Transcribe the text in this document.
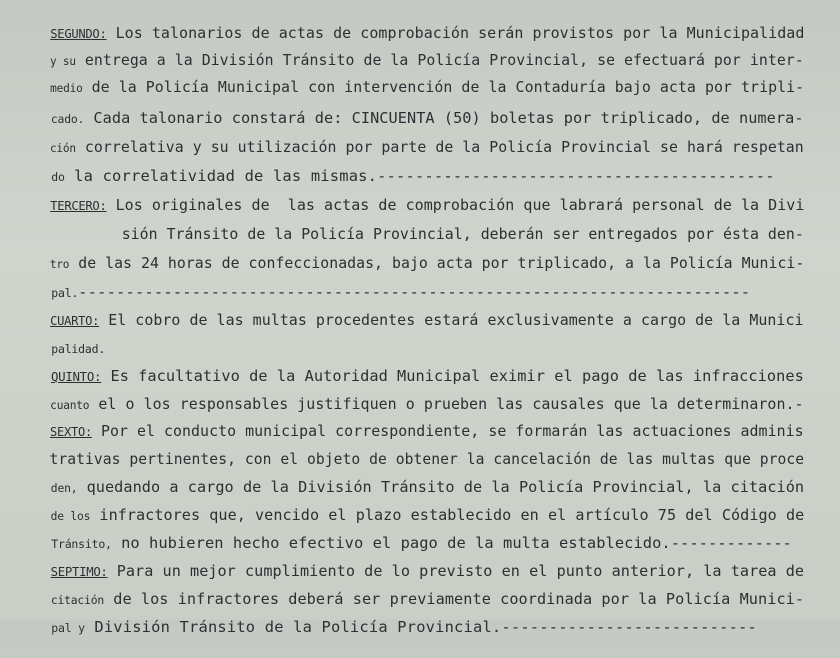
SEGUNDO: Los talonarios de actas de comprobación serán provistos por la Municipalidad

y su entrega a la División Tránsito de la Policía Provincial, se efectuará por inter-

medio de la Policía Municipal con intervención de la Contaduría bajo acta por tripli-

cado. Cada talonario constará de: CINCUENTA (50) boletas por triplicado, de numera-

ción correlativa y su utilización por parte de la Policía Provincial se hará respetan

do la correlatividad de las mismas.------------------------------------------

TERCERO: Los originales de  las actas de comprobación que labrará personal de la Divi

sión Tránsito de la Policía Provincial, deberán ser entregados por ésta den-

tro de las 24 horas de confeccionadas, bajo acta por triplicado, a la Policía Munici-

pal.-----------------------------------------------------------------------

CUARTO: El cobro de las multas procedentes estará exclusivamente a cargo de la Munici

palidad.

QUINTO: Es facultativo de la Autoridad Municipal eximir el pago de las infracciones

cuanto el o los responsables justifiquen o prueben las causales que la determinaron.-

SEXTO: Por el conducto municipal correspondiente, se formarán las actuaciones adminis

trativas pertinentes, con el objeto de obtener la cancelación de las multas que proce

den, quedando a cargo de la División Tránsito de la Policía Provincial, la citación

de los infractores que, vencido el plazo establecido en el artículo 75 del Código de

Tránsito, no hubieren hecho efectivo el pago de la multa establecido.-------------

SEPTIMO: Para un mejor cumplimiento de lo previsto en el punto anterior, la tarea de

citación de los infractores deberá ser previamente coordinada por la Policía Munici-

pal y División Tránsito de la Policía Provincial.---------------------------
